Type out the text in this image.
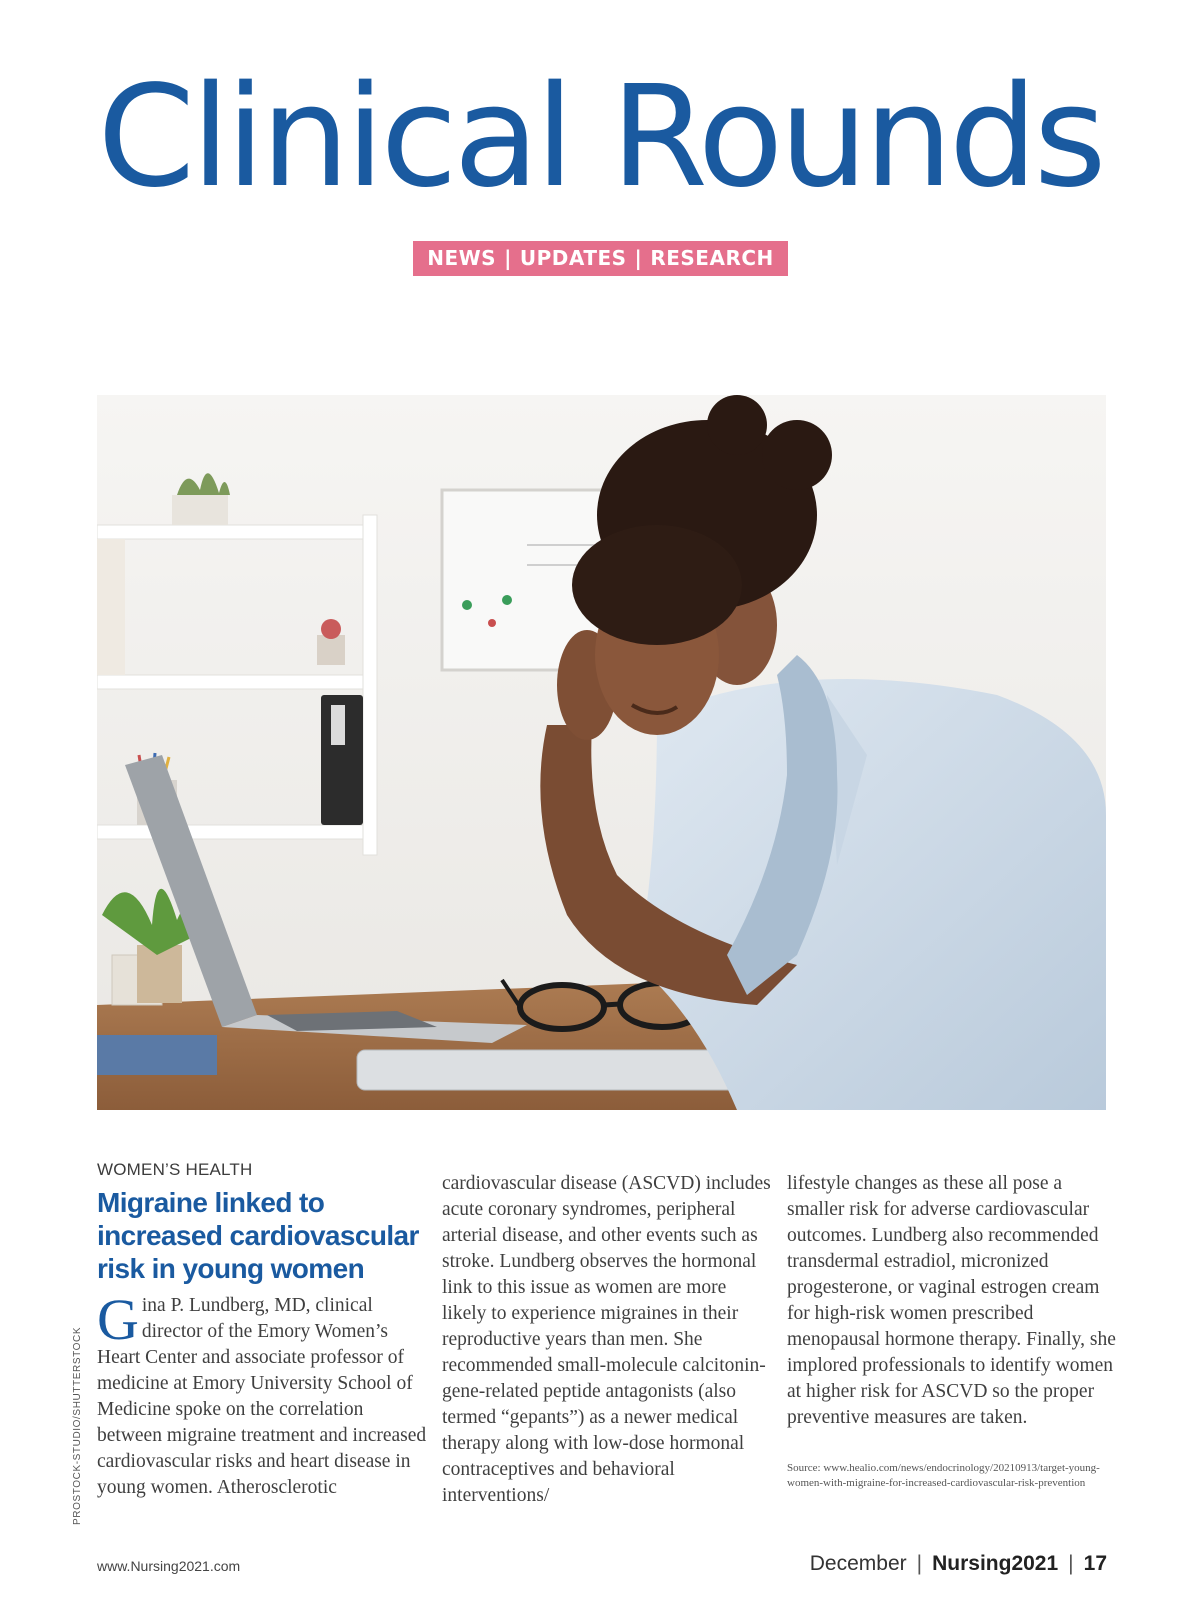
Clinical Rounds
NEWS | UPDATES | RESEARCH
PROSTOCK-STUDIO/SHUTTERSTOCK
WOMEN’S HEALTH
Migraine linked to increased cardiovascular risk in young women

Gina P. Lundberg, MD, clinical director of the Emory Women’s Heart Center and associate professor of medicine at Emory University School of Medicine spoke on the correlation between migraine treatment and increased cardiovascular risks and heart disease in young women. Atherosclerotic

cardiovascular disease (ASCVD) includes acute coronary syndromes, peripheral arterial disease, and other events such as stroke. Lundberg observes the hormonal link to this issue as women are more likely to experience migraines in their reproductive years than men. She recommended small-molecule calcitonin-gene-related peptide antagonists (also termed “gepants”) as a newer medical therapy along with low-dose hormonal contraceptives and behavioral interventions/

lifestyle changes as these all pose a smaller risk for adverse cardiovascular outcomes. Lundberg also recommended transdermal estradiol, micronized progesterone, or vaginal estrogen cream for high-risk women prescribed menopausal hormone therapy. Finally, she implored professionals to identify women at higher risk for ASCVD so the proper preventive measures are taken.

Source: www.healio.com/news/endocrinology/20210913/target-young-women-with-migraine-for-increased-cardiovascular-risk-prevention
www.Nursing2021.com	December | Nursing2021 | 17
